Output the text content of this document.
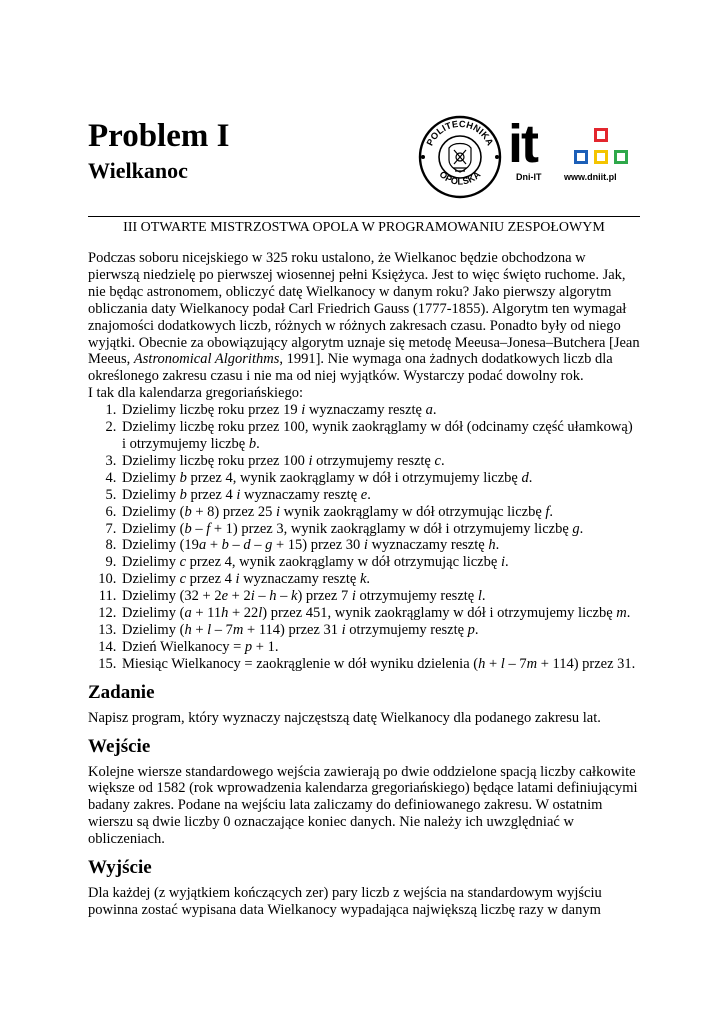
Problem I
Wielkanoc
POLITECHNIKA
OPOLSKA
it
Dni-IT	www.dniit.pl

III OTWARTE MISTRZOSTWA OPOLA W PROGRAMOWANIU ZESPOŁOWYM

Podczas soboru nicejskiego w 325 roku ustalono, że Wielkanoc będzie obchodzona w pierwszą niedzielę po pierwszej wiosennej pełni Księżyca. Jest to więc święto ruchome. Jak, nie będąc astronomem, obliczyć datę Wielkanocy w danym roku? Jako pierwszy algorytm obliczania daty Wielkanocy podał Carl Friedrich Gauss (1777-1855). Algorytm ten wymagał znajomości dodatkowych liczb, różnych w różnych zakresach czasu. Ponadto były od niego wyjątki. Obecnie za obowiązujący algorytm uznaje się metodę Meeusa–Jonesa–Butchera [Jean Meeus, Astronomical Algorithms, 1991]. Nie wymaga ona żadnych dodatkowych liczb dla określonego zakresu czasu i nie ma od niej wyjątków. Wystarczy podać dowolny rok.

I tak dla kalendarza gregoriańskiego:

1. Dzielimy liczbę roku przez 19 i wyznaczamy resztę a.
2. Dzielimy liczbę roku przez 100, wynik zaokrąglamy w dół (odcinamy część ułamkową) i otrzymujemy liczbę b.
3. Dzielimy liczbę roku przez 100 i otrzymujemy resztę c.
4. Dzielimy b przez 4, wynik zaokrąglamy w dół i otrzymujemy liczbę d.
5. Dzielimy b przez 4 i wyznaczamy resztę e.
6. Dzielimy (b + 8) przez 25 i wynik zaokrąglamy w dół otrzymując liczbę f.
7. Dzielimy (b – f + 1) przez 3, wynik zaokrąglamy w dół i otrzymujemy liczbę g.
8. Dzielimy (19a + b – d – g + 15) przez 30 i wyznaczamy resztę h.
9. Dzielimy c przez 4, wynik zaokrąglamy w dół otrzymując liczbę i.
10. Dzielimy c przez 4 i wyznaczamy resztę k.
11. Dzielimy (32 + 2e + 2i – h – k) przez 7 i otrzymujemy resztę l.
12. Dzielimy (a + 11h + 22l) przez 451, wynik zaokrąglamy w dół i otrzymujemy liczbę m.
13. Dzielimy (h + l – 7m + 114) przez 31 i otrzymujemy resztę p.
14. Dzień Wielkanocy = p + 1.
15. Miesiąc Wielkanocy = zaokrąglenie w dół wyniku dzielenia (h + l – 7m + 114) przez 31.
Zadanie

Napisz program, który wyznaczy najczęstszą datę Wielkanocy dla podanego zakresu lat.

Wejście

Kolejne wiersze standardowego wejścia zawierają po dwie oddzielone spacją liczby całkowite większe od 1582 (rok wprowadzenia kalendarza gregoriańskiego) będące latami definiującymi badany zakres. Podane na wejściu lata zaliczamy do definiowanego zakresu. W ostatnim wierszu są dwie liczby 0 oznaczające koniec danych. Nie należy ich uwzględniać w obliczeniach.

Wyjście

Dla każdej (z wyjątkiem kończących zer) pary liczb z wejścia na standardowym wyjściu powinna zostać wypisana data Wielkanocy wypadająca największą liczbę razy w danym
